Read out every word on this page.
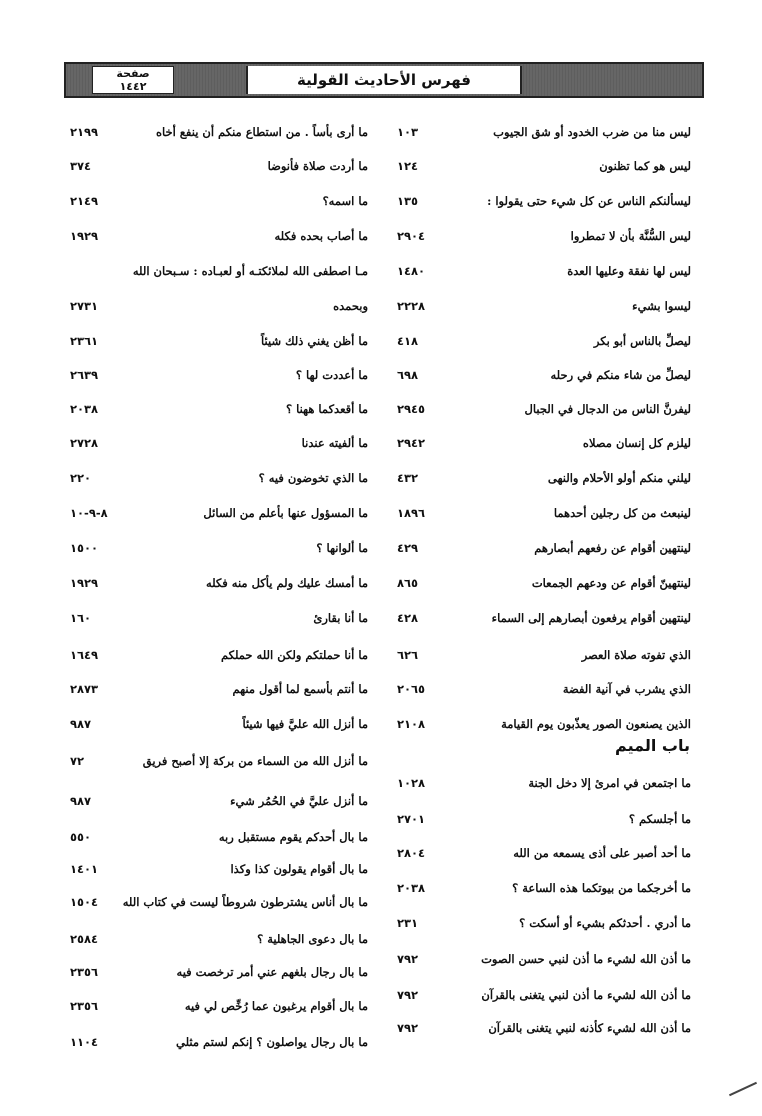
صفحة
١٤٤٢	فهرس الأحاديث القولية
ليس منا من ضرب الخدود أو شق الجيوب
١٠٣
ليس هو كما تظنون
١٢٤
ليسألنكم الناس عن كل شيء حتى يقولوا :
١٣٥
ليس السُّنَّة بأن لا تمطروا
٢٩٠٤
ليس لها نفقة وعليها العدة
١٤٨٠
ليسوا بشيء
٢٢٢٨
ليصلِّ بالناس أبو بكر
٤١٨
ليصلِّ من شاء منكم في رحله
٦٩٨
ليفرنَّ الناس من الدجال في الجبال
٢٩٤٥
ليلزم كل إنسان مصلاه
٢٩٤٢
ليلني منكم أولو الأحلام والنهى
٤٣٢
لينبعث من كل رجلين أحدهما
١٨٩٦
لينتهين أقوام عن رفعهم أبصارهم
٤٢٩
لينتهينّ أقوام عن ودعهم الجمعات
٨٦٥
لينتهين أقوام يرفعون أبصارهم إلى السماء
٤٢٨
الذي تفوته صلاة العصر
٦٢٦
الذي يشرب في آنية الفضة
٢٠٦٥
الذين يصنعون الصور يعذّبون يوم القيامة
٢١٠٨
ما اجتمعن في امرئ إلا دخل الجنة
١٠٢٨
ما أجلسكم ؟
٢٧٠١
ما أحد أصبر على أذى يسمعه من الله
٢٨٠٤
ما أخرجكما من بيوتكما هذه الساعة ؟
٢٠٣٨
ما أدري . أحدثكم بشيء أو أسكت ؟
٢٣١
ما أذن الله لشيء ما أذن لنبي حسن الصوت
٧٩٢
ما أذن الله لشيء ما أذن لنبي يتغنى بالقرآن
٧٩٢
ما أذن الله لشيء كأذنه لنبي يتغنى بالقرآن
٧٩٢
ما أرى بأساً . من استطاع منكم أن ينفع أخاه
٢١٩٩
ما أردت صلاة فأنوضا
٣٧٤
ما اسمه؟
٢١٤٩
ما أصاب بحده فكله
١٩٢٩
مـا اصطفى الله لملائكتـه أو لعبـاده : سـبحان الله
وبحمده
٢٧٣١
ما أظن يغني ذلك شيئاً
٢٣٦١
ما أعددت لها ؟
٢٦٣٩
ما أقعدكما ههنا ؟
٢٠٣٨
ما ألفيته عندنا
٢٧٢٨
ما الذي تخوضون فيه ؟
٢٢٠
ما المسؤول عنها بأعلم من السائل
٨-٩-١٠
ما ألوانها ؟
١٥٠٠
ما أمسك عليك ولم يأكل منه فكله
١٩٢٩
ما أنا بقارئ
١٦٠
ما أنا حملتكم ولكن الله حملكم
١٦٤٩
ما أنتم بأسمع لما أقول منهم
٢٨٧٣
ما أنزل الله عليَّ فيها شيئاً
٩٨٧
ما أنزل الله من السماء من بركة إلا أصبح فريق
٧٢
ما أنزل عليَّ في الحُمُر شيء
٩٨٧
ما بال أحدكم يقوم مستقبل ربه
٥٥٠
ما بال أقوام يقولون كذا وكذا
١٤٠١
ما بال أناس يشترطون شروطاً ليست في كتاب الله
١٥٠٤
ما بال دعوى الجاهلية ؟
٢٥٨٤
ما بال رجال بلغهم عني أمر ترخصت فيه
٢٣٥٦
ما بال أقوام يرغبون عما رُخِّص لي فيه
٢٣٥٦
ما بال رجال يواصلون ؟ إنكم لستم مثلي
١١٠٤
باب الميم
